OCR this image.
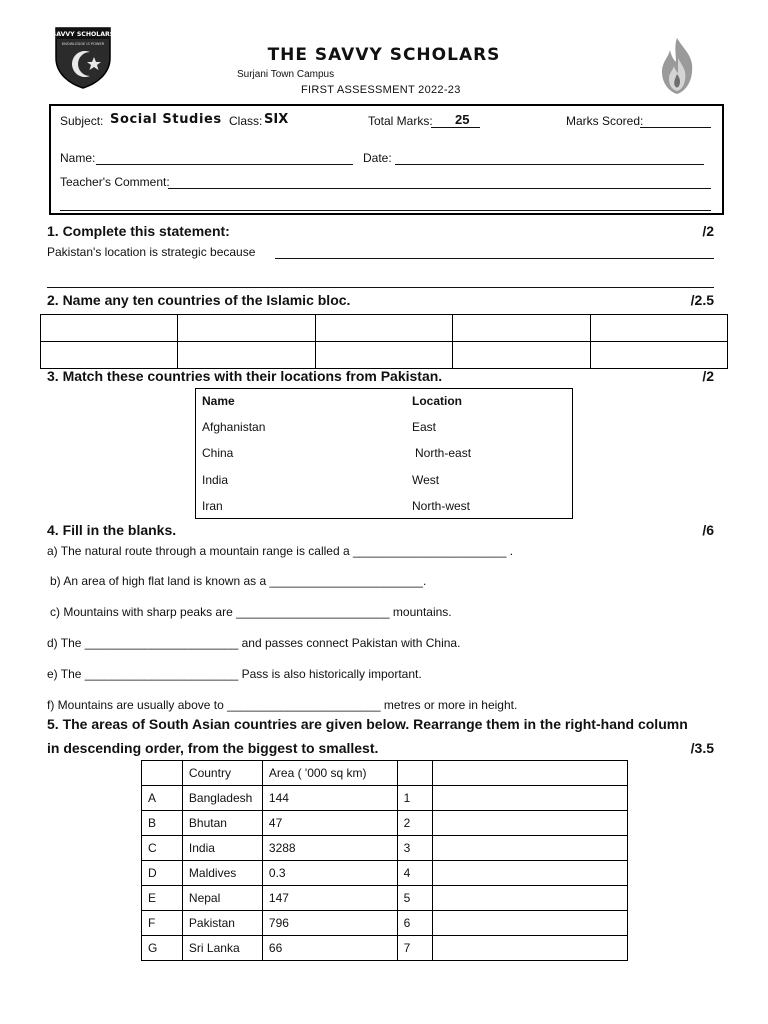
SAVVY SCHOLARS
KNOWLEDGE IS POWER
THE SAVVY SCHOLARS
Surjani Town Campus
FIRST ASSESSMENT 2022-23
Subject: Social Studies Class: SIX	Total Marks: 25	Marks Scored:
Name:	Date:
Teacher's Comment:
1. Complete this statement:	/2
Pakistan's location is strategic because
2. Name any ten countries of the Islamic bloc.	/2.5

3. Match these countries with their locations from Pakistan.	/2
Name	Location
Afghanistan	East
China	North-east
India	West
Iran	North-west
4. Fill in the blanks.	/6
a) The natural route through a mountain range is called a _______________________ .
b) An area of high flat land is known as a _______________________.
c) Mountains with sharp peaks are _______________________ mountains.
d) The _______________________ and passes connect Pakistan with China.
e) The _______________________ Pass is also historically important.
f) Mountains are usually above to _______________________ metres or more in height.
5. The areas of South Asian countries are given below. Rearrange them in the right-hand column
in descending order, from the biggest to smallest.	/3.5
	Country	Area ( '000 sq km)		
A	Bangladesh	144	1	
B	Bhutan	47	2	
C	India	3288	3	
D	Maldives	0.3	4	
E	Nepal	147	5	
F	Pakistan	796	6	
G	Sri Lanka	66	7	
